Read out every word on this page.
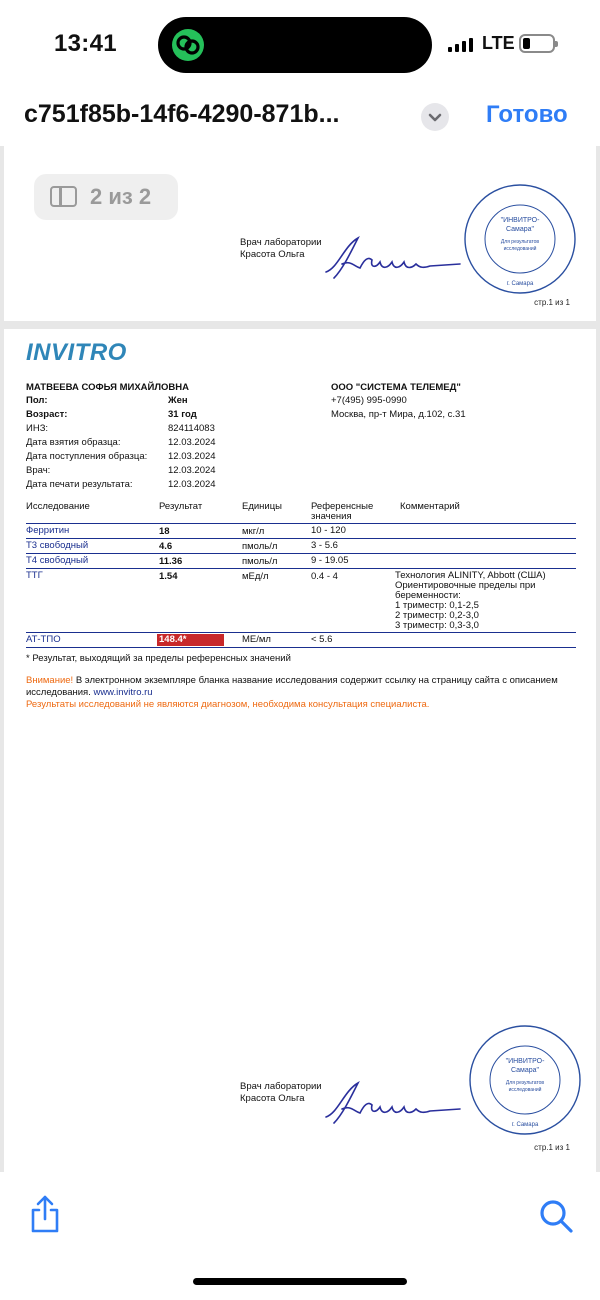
13:41	LTE
c751f85b-14f6-4290-871b...	Готово
2 из 2
Врач лаборатории
Красота Ольга
Красота
"ИНВИТРО-
Самара"
Для результатов
исследований
г. Самара
стр.1 из 1
INVITRO
МАТВЕЕВА СОФЬЯ МИХАЙЛОВНА
Пол:	Жен
Возраст:	31 год
ИНЗ:	824114083
Дата взятия образца:	12.03.2024
Дата поступления образца: 12.03.2024
Врач:	12.03.2024
Дата печати результата:	12.03.2024
ООО "СИСТЕМА ТЕЛЕМЕД"
+7(495) 995-0990
Москва, пр-т Мира, д.102, с.31
Исследование	Результат	Единицы	Референсные
значения
Комментарий
Ферритин	18	мкг/л	10 - 120
Т3 свободный	4.6	пмоль/л	3 - 5.6
Т4 свободный	11.36	пмоль/л	9 - 19.05
ТТГ	1.54	мЕд/л	0.4 - 4	Технология ALINITY, Abbott (США)
Ориентировочные пределы при
беременности:
1 триместр: 0,1-2,5
2 триместр: 0,2-3,0
3 триместр: 0,3-3,0
АТ-ТПО	148.4*	МЕ/мл	< 5.6
* Результат, выходящий за пределы референсных значений
Внимание! В электронном экземпляре бланка название исследования содержит ссылку на страницу сайта с описанием
исследования. www.invitro.ru
Результаты исследований не являются диагнозом, необходима консультация специалиста.
Врач лаборатории
Красота Ольга
"ИНВИТРО-
Самара"
Для результатов
исследований
г. Самара
стр.1 из 1
